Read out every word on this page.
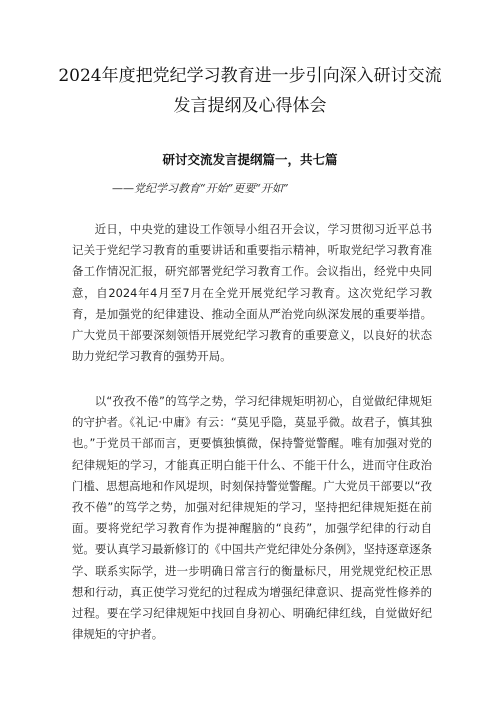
2024年度把党纪学习教育进一步引向深入研讨交流
发言提纲及心得体会
研讨交流发言提纲篇一，共七篇
——党纪学习教育“开始”更要“开如”

近日，中央党的建设工作领导小组召开会议，学习贯彻习近平总书记关于党纪学习教育的重要讲话和重要指示精神，听取党纪学习教育准备工作情况汇报，研究部署党纪学习教育工作。会议指出，经党中央同意，自2024年4月至7月在全党开展党纪学习教育。这次党纪学习教育，是加强党的纪律建设、推动全面从严治党向纵深发展的重要举措。广大党员干部要深刻领悟开展党纪学习教育的重要意义，以良好的状态助力党纪学习教育的强势开局。

以“孜孜不倦”的笃学之势，学习纪律规矩明初心，自觉做纪律规矩的守护者。《礼记·中庸》有云：“莫见乎隐，莫显乎微。故君子，慎其独也。”于党员干部而言，更要慎独慎微，保持警觉警醒。唯有加强对党的纪律规矩的学习，才能真正明白能干什么、不能干什么，进而守住政治门槛、思想高地和作风堤坝，时刻保持警觉警醒。广大党员干部要以“孜孜不倦”的笃学之势，加强对纪律规矩的学习，坚持把纪律规矩挺在前面。要将党纪学习教育作为提神醒脑的“良药”，加强学纪律的行动自觉。要认真学习最新修订的《中国共产党纪律处分条例》，坚持逐章逐条学、联系实际学，进一步明确日常言行的衡量标尺，用党规党纪校正思想和行动，真正使学习党纪的过程成为增强纪律意识、提高党性修养的过程。要在学习纪律规矩中找回自身初心、明确纪律红线，自觉做好纪律规矩的守护者。
